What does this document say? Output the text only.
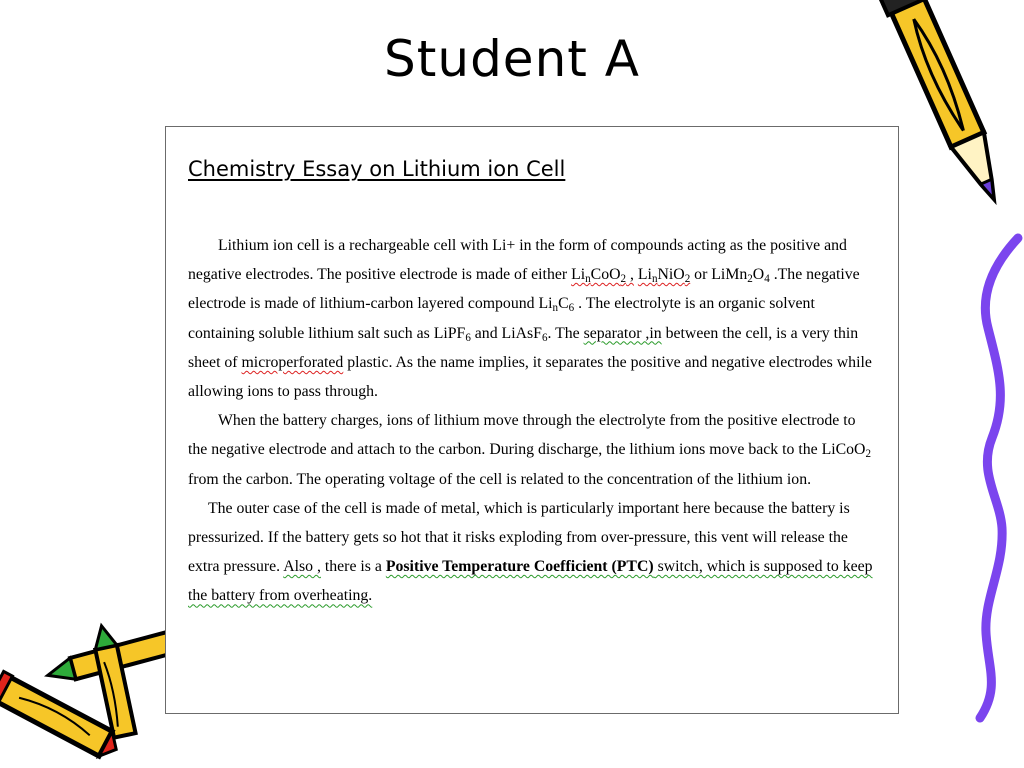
Student A
Chemistry Essay on Lithium ion Cell

Lithium ion cell is a rechargeable cell with Li+ in the form of compounds acting as the positive and negative electrodes. The positive electrode is made of either $Li_nCoO_2$ , $Li_nNiO_2$ or $LiMn_2O_4$ .The negative electrode is made of lithium-carbon layered compound $Li_nC_6$ . The electrolyte is an organic solvent containing soluble lithium salt such as LiPF$_6$ and LiAsF$_6$. The separator ,in between the cell, is a very thin sheet of microperforated plastic. As the name implies, it separates the positive and negative electrodes while allowing ions to pass through.

When the battery charges, ions of lithium move through the electrolyte from the positive electrode to the negative electrode and attach to the carbon. During discharge, the lithium ions move back to the LiCoO$_2$ from the carbon. The operating voltage of the cell is related to the concentration of the lithium ion.

The outer case of the cell is made of metal, which is particularly important here because the battery is pressurized. If the battery gets so hot that it risks exploding from over-pressure, this vent will release the extra pressure. Also , there is a Positive Temperature Coefficient (PTC) switch, which is supposed to keep the battery from overheating.
